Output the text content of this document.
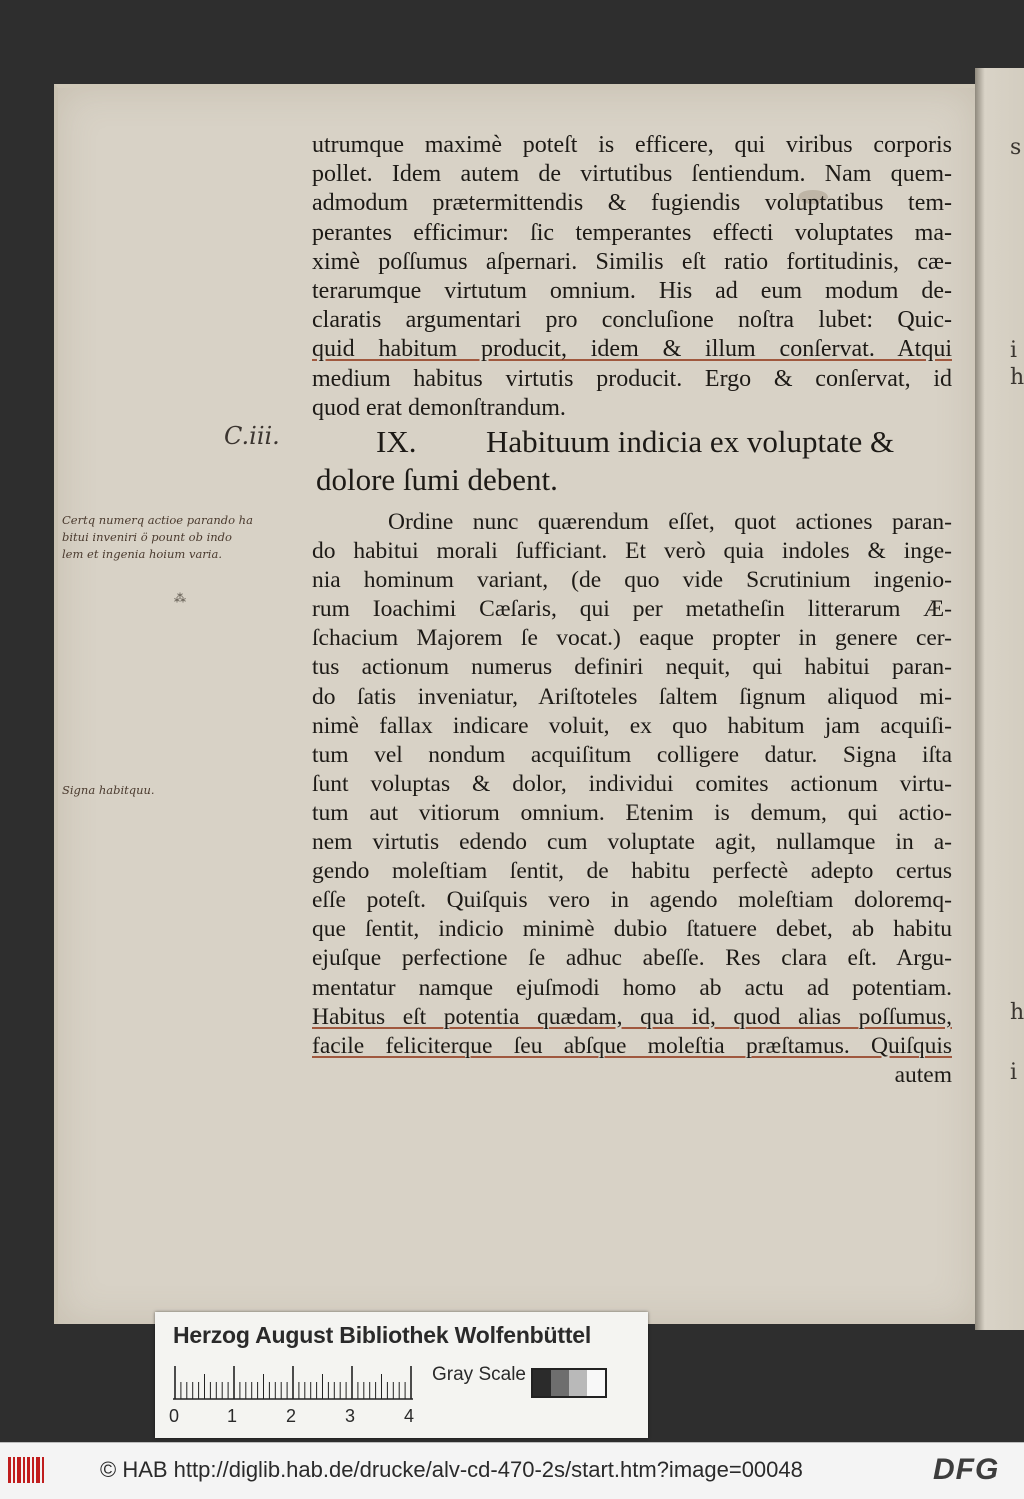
s
i
i
h
h
utrumque maximè poteſt is efficere, qui viribus corporis
pollet. Idem autem de virtutibus ſentiendum. Nam quem-
admodum prætermittendis & fugiendis voluptatibus tem-
perantes efficimur: ſic temperantes effecti voluptates ma-
ximè poſſumus aſpernari. Similis eſt ratio fortitudinis, cæ-
terarumque virtutum omnium. His ad eum modum de-
claratis argumentari pro concluſione noſtra lubet: Quic-
quid habitum producit, idem & illum conſervat. Atqui
medium habitus virtutis producit. Ergo & conſervat, id
quod erat demonſtrandum.
C.iii.	IX. Habituum indicia ex voluptate &
dolore ſumi debent.
Ordine nunc quærendum eſſet, quot actiones paran-
do habitui morali ſufficiant. Et verò quia indoles & inge-
nia hominum variant, (de quo vide Scrutinium ingenio-
rum Ioachimi Cæſaris, qui per metatheſin litterarum Æ-
ſchacium Majorem ſe vocat.) eaque propter in genere cer-
tus actionum numerus definiri nequit, qui habitui paran-
do ſatis inveniatur, Ariſtoteles ſaltem ſignum aliquod mi-
nimè fallax indicare voluit, ex quo habitum jam acquiſi-
tum vel nondum acquiſitum colligere datur. Signa iſta
ſunt voluptas & dolor, individui comites actionum virtu-
tum aut vitiorum omnium. Etenim is demum, qui actio-
nem virtutis edendo cum voluptate agit, nullamque in a-
gendo moleſtiam ſentit, de habitu perfectè adepto certus
eſſe poteſt. Quiſquis vero in agendo moleſtiam doloremq-
que ſentit, indicio minimè dubio ſtatuere debet, ab habitu
ejuſque perfectione ſe adhuc abeſſe. Res clara eſt. Argu-
mentatur namque ejuſmodi homo ab actu ad potentiam.
Habitus eſt potentia quædam, qua id, quod alias poſſumus,
facile feliciterque ſeu abſque moleſtia præſtamus. Quiſquis
autem
Certq numerq actioe parando ha
bitui inveniri ö pount ob indo
lem et ingenia hoium varia.
⁂
Signa habitquu.
Herzog August Bibliothek Wolfenbüttel
Gray Scale
0	1	2	3	4
© HAB http://diglib.hab.de/drucke/alv-cd-470-2s/start.htm?image=00048	DFG
